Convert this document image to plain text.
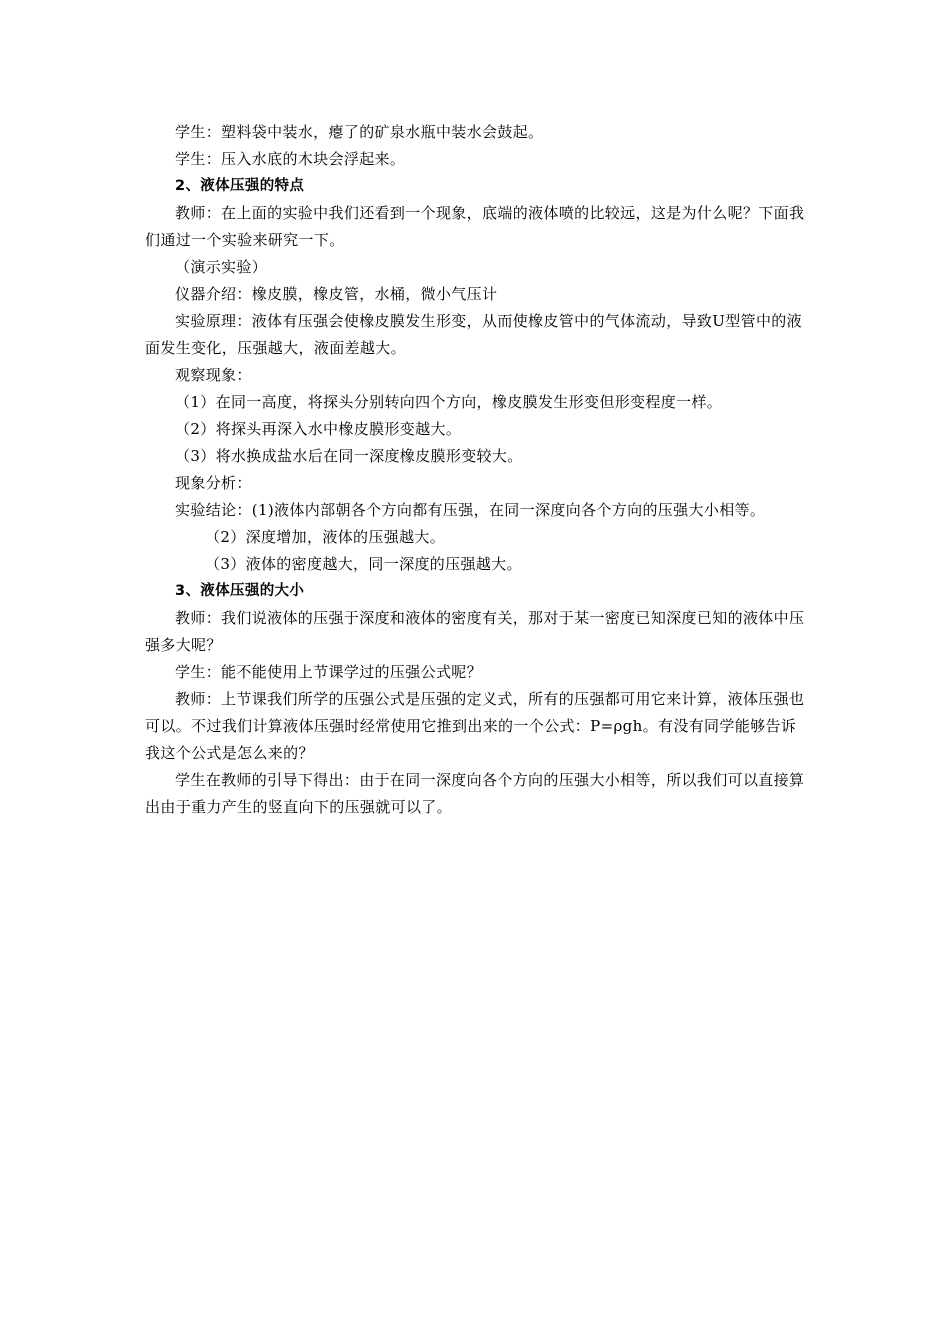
学生：塑料袋中装水，瘪了的矿泉水瓶中装水会鼓起。

学生：压入水底的木块会浮起来。

2、液体压强的特点

教师：在上面的实验中我们还看到一个现象，底端的液体喷的比较远，这是为什么呢？下面我们通过一个实验来研究一下。

（演示实验）

仪器介绍：橡皮膜，橡皮管，水桶，微小气压计

实验原理：液体有压强会使橡皮膜发生形变，从而使橡皮管中的气体流动，导致U型管中的液面发生变化，压强越大，液面差越大。

观察现象：

（1）在同一高度，将探头分别转向四个方向，橡皮膜发生形变但形变程度一样。

（2）将探头再深入水中橡皮膜形变越大。

（3）将水换成盐水后在同一深度橡皮膜形变较大。

现象分析：

实验结论：(1)液体内部朝各个方向都有压强，在同一深度向各个方向的压强大小相等。

（2）深度增加，液体的压强越大。

（3）液体的密度越大，同一深度的压强越大。

3、液体压强的大小

教师：我们说液体的压强于深度和液体的密度有关，那对于某一密度已知深度已知的液体中压强多大呢？

学生：能不能使用上节课学过的压强公式呢？

教师：上节课我们所学的压强公式是压强的定义式，所有的压强都可用它来计算，液体压强也可以。不过我们计算液体压强时经常使用它推到出来的一个公式：P=ρgh。有没有同学能够告诉我这个公式是怎么来的？

学生在教师的引导下得出：由于在同一深度向各个方向的压强大小相等，所以我们可以直接算出由于重力产生的竖直向下的压强就可以了。
